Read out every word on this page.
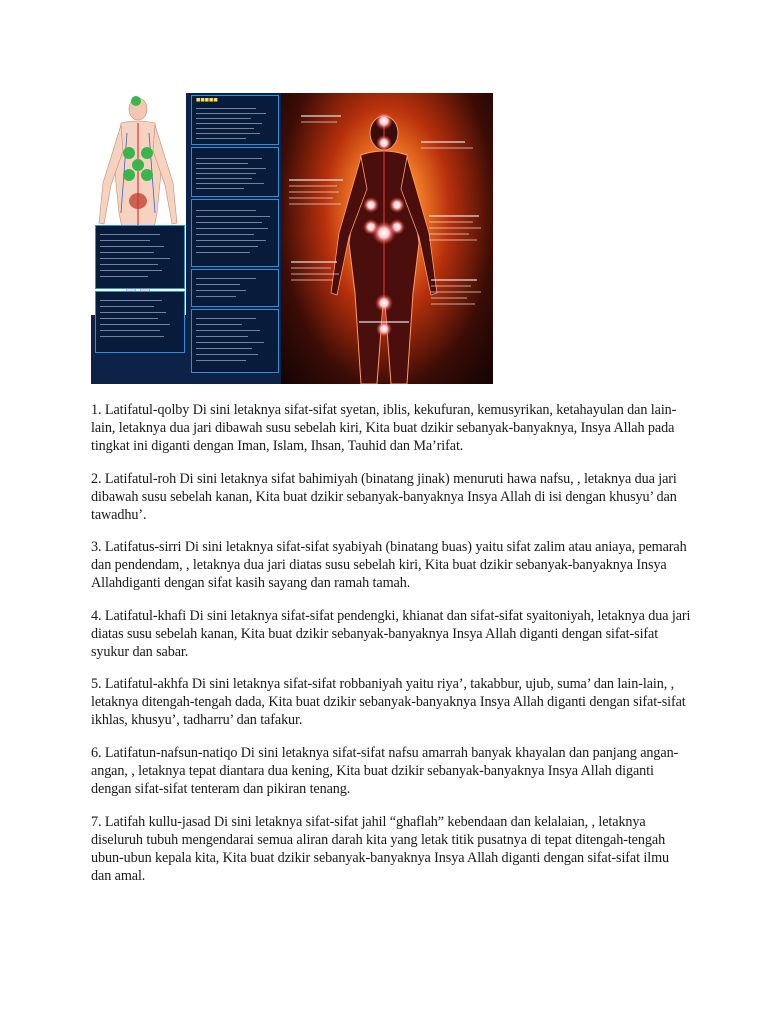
■■■■■

1. Latifatul-qolby Di sini letaknya sifat-sifat syetan, iblis, kekufuran, kemusyrikan, ketahayulan dan lain-lain, letaknya dua jari dibawah susu sebelah kiri, Kita buat dzikir sebanyak-banyaknya, Insya Allah pada tingkat ini diganti dengan Iman, Islam, Ihsan, Tauhid dan Ma’rifat.

2. Latifatul-roh Di sini letaknya sifat bahimiyah (binatang jinak) menuruti hawa nafsu, , letaknya dua jari dibawah susu sebelah kanan, Kita buat dzikir sebanyak-banyaknya Insya Allah di isi dengan khusyu’ dan tawadhu’.

3. Latifatus-sirri Di sini letaknya sifat-sifat syabiyah (binatang buas) yaitu sifat zalim atau aniaya, pemarah dan pendendam, , letaknya dua jari diatas susu sebelah kiri, Kita buat dzikir sebanyak-banyaknya Insya Allahdiganti dengan sifat kasih sayang dan ramah tamah.

4. Latifatul-khafi Di sini letaknya sifat-sifat pendengki, khianat dan sifat-sifat syaitoniyah, letaknya dua jari diatas susu sebelah kanan, Kita buat dzikir sebanyak-banyaknya Insya Allah diganti dengan sifat-sifat syukur dan sabar.

5. Latifatul-akhfa Di sini letaknya sifat-sifat robbaniyah yaitu riya’, takabbur, ujub, suma’ dan lain-lain, , letaknya ditengah-tengah dada, Kita buat dzikir sebanyak-banyaknya Insya Allah diganti dengan sifat-sifat ikhlas, khusyu’, tadharru’ dan tafakur.

6. Latifatun-nafsun-natiqo Di sini letaknya sifat-sifat nafsu amarrah banyak khayalan dan panjang angan-angan, , letaknya tepat diantara dua kening, Kita buat dzikir sebanyak-banyaknya Insya Allah diganti dengan sifat-sifat tenteram dan pikiran tenang.

7. Latifah kullu-jasad Di sini letaknya sifat-sifat jahil “ghaflah” kebendaan dan kelalaian, , letaknya diseluruh tubuh mengendarai semua aliran darah kita yang letak titik pusatnya di tepat ditengah-tengah ubun-ubun kepala kita, Kita buat dzikir sebanyak-banyaknya Insya Allah diganti dengan sifat-sifat ilmu dan amal.
